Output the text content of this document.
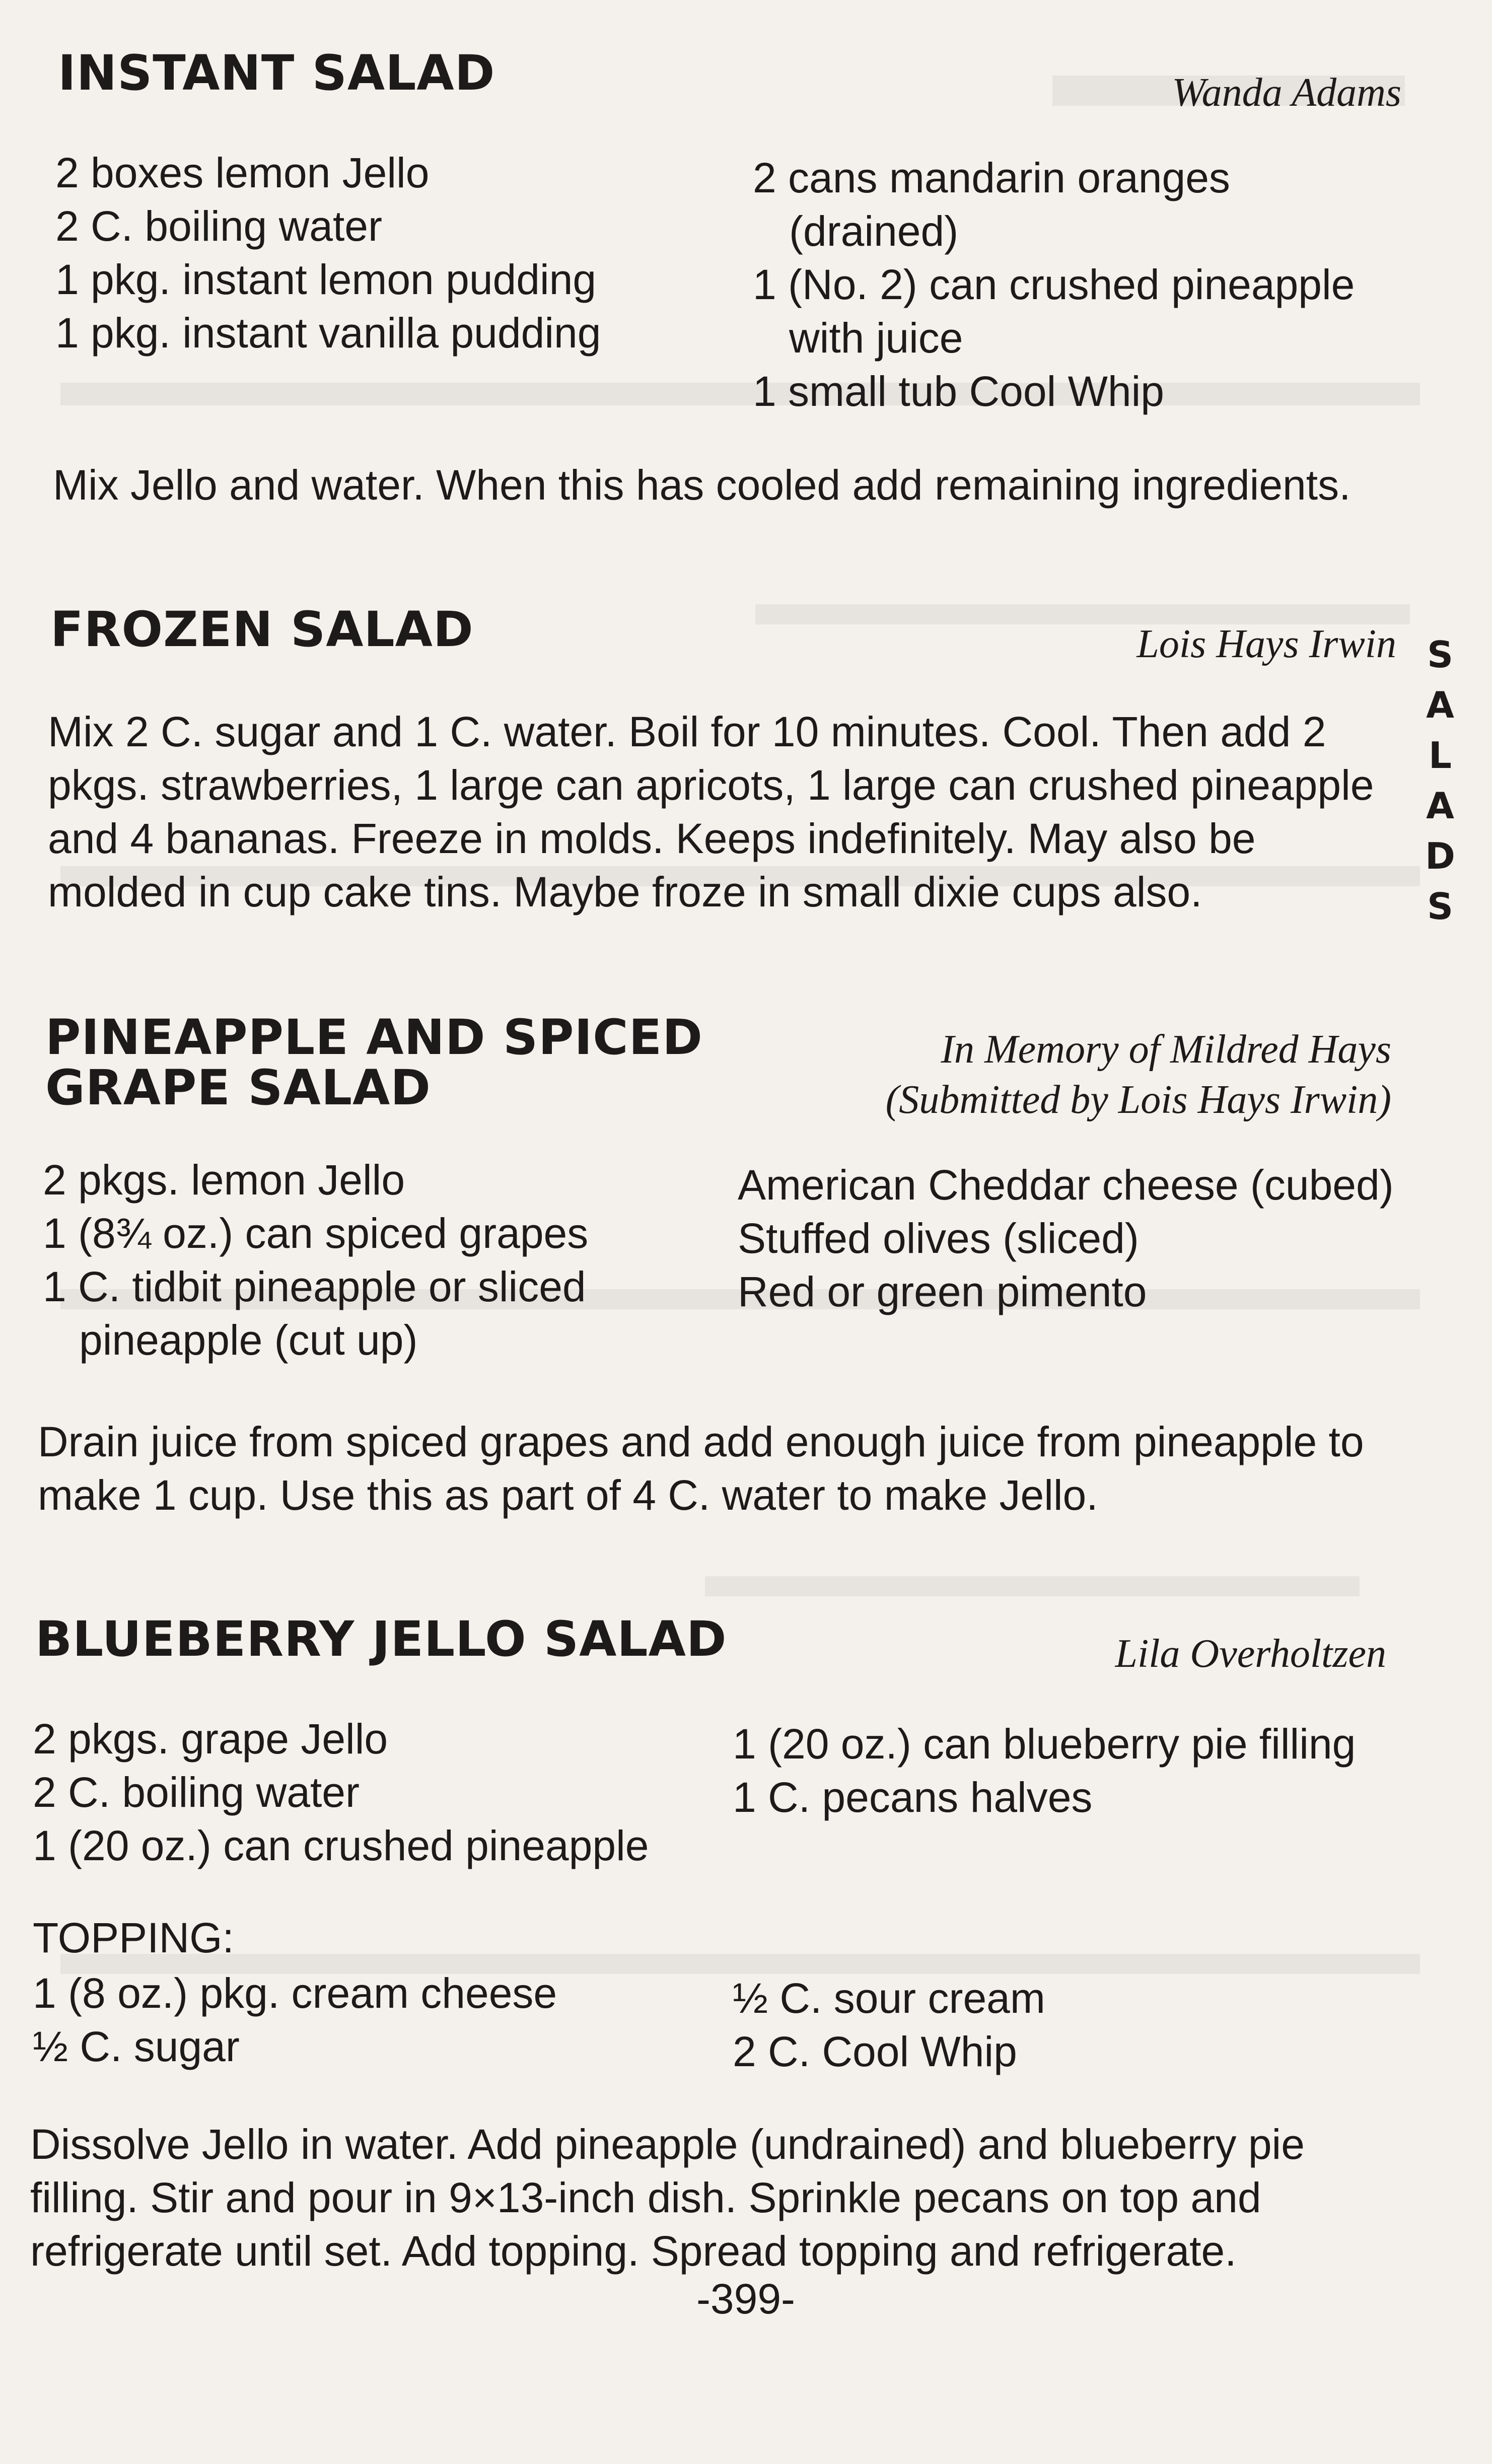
INSTANT SALAD	Wanda Adams

2 boxes lemon Jello

2 C. boiling water

1 pkg. instant lemon pudding

1 pkg. instant vanilla pudding

2 cans mandarin oranges (drained)

1 (No. 2) can crushed pineapple with juice

1 small tub Cool Whip

Mix Jello and water. When this has cooled add remaining ingredients.

FROZEN SALAD	Lois Hays Irwin

Mix 2 C. sugar and 1 C. water. Boil for 10 minutes. Cool. Then add 2 pkgs. strawberries, 1 large can apricots, 1 large can crushed pineapple and 4 bananas. Freeze in molds. Keeps indefinitely. May also be molded in cup cake tins. Maybe froze in small dixie cups also.

PINEAPPLE AND SPICED
GRAPE SALAD

In Memory of Mildred Hays

(Submitted by Lois Hays Irwin)

2 pkgs. lemon Jello

1 (8¾ oz.) can spiced grapes

1 C. tidbit pineapple or sliced pineapple (cut up)

American Cheddar cheese (cubed)

Stuffed olives (sliced)

Red or green pimento

Drain juice from spiced grapes and add enough juice from pineapple to make 1 cup. Use this as part of 4 C. water to make Jello.

BLUEBERRY JELLO SALAD	Lila Overholtzen

2 pkgs. grape Jello

2 C. boiling water

1 (20 oz.) can crushed pineapple

1 (20 oz.) can blueberry pie filling

1 C. pecans halves

TOPPING:

1 (8 oz.) pkg. cream cheese

½ C. sugar

½ C. sour cream

2 C. Cool Whip

Dissolve Jello in water. Add pineapple (undrained) and blueberry pie filling. Stir and pour in 9×13-inch dish. Sprinkle pecans on top and refrigerate until set. Add topping. Spread topping and refrigerate.

S
A
L
A
D
S

-399-
